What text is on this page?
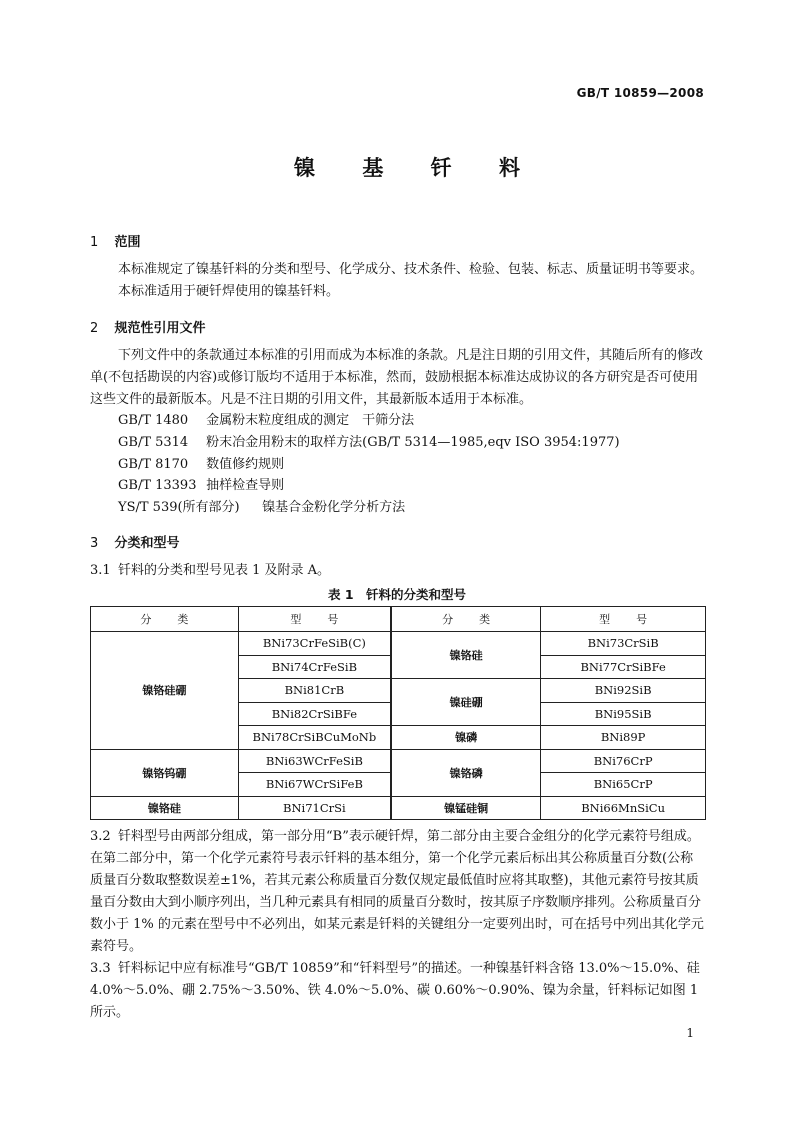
GB/T 10859—2008
镍 基 钎 料
1 范围
本标准规定了镍基钎料的分类和型号、化学成分、技术条件、检验、包装、标志、质量证明书等要求。
本标准适用于硬钎焊使用的镍基钎料。
2 规范性引用文件
下列文件中的条款通过本标准的引用而成为本标准的条款。凡是注日期的引用文件，其随后所有的修改单(不包括勘误的内容)或修订版均不适用于本标准，然而，鼓励根据本标准达成协议的各方研究是否可使用这些文件的最新版本。凡是不注日期的引用文件，其最新版本适用于本标准。
GB/T 1480 金属粉末粒度组成的测定　干筛分法
GB/T 5314 粉末冶金用粉末的取样方法(GB/T 5314—1985,eqv ISO 3954:1977)
GB/T 8170 数值修约规则
GB/T 13393 抽样检查导则
YS/T 539(所有部分) 镍基合金粉化学分析方法
3 分类和型号
3.1 钎料的分类和型号见表 1 及附录 A。
表 1　钎料的分类和型号
分类	型号	分类	型号
镍铬硅硼	BNi73CrFeSiB(C)	镍铬硅	BNi73CrSiB
	BNi74CrFeSiB		BNi77CrSiBFe
	BNi81CrB	镍硅硼	BNi92SiB
	BNi82CrSiBFe		BNi95SiB
	BNi78CrSiBCuMoNb	镍磷	BNi89P
镍铬钨硼	BNi63WCrFeSiB	镍铬磷	BNi76CrP
	BNi67WCrSiFeB		BNi65CrP
镍铬硅	BNi71CrSi	镍锰硅铜	BNi66MnSiCu
3.2 钎料型号由两部分组成，第一部分用“B”表示硬钎焊，第二部分由主要合金组分的化学元素符号组成。在第二部分中，第一个化学元素符号表示钎料的基本组分，第一个化学元素后标出其公称质量百分数(公称质量百分数取整数误差±1%，若其元素公称质量百分数仅规定最低值时应将其取整)，其他元素符号按其质量百分数由大到小顺序列出，当几种元素具有相同的质量百分数时，按其原子序数顺序排列。公称质量百分数小于 1% 的元素在型号中不必列出，如某元素是钎料的关键组分一定要列出时，可在括号中列出其化学元素符号。
3.3 钎料标记中应有标准号“GB/T 10859”和“钎料型号”的描述。一种镍基钎料含铬 13.0%～15.0%、硅 4.0%～5.0%、硼 2.75%～3.50%、铁 4.0%～5.0%、碳 0.60%～0.90%、镍为余量，钎料标记如图 1 所示。
1
